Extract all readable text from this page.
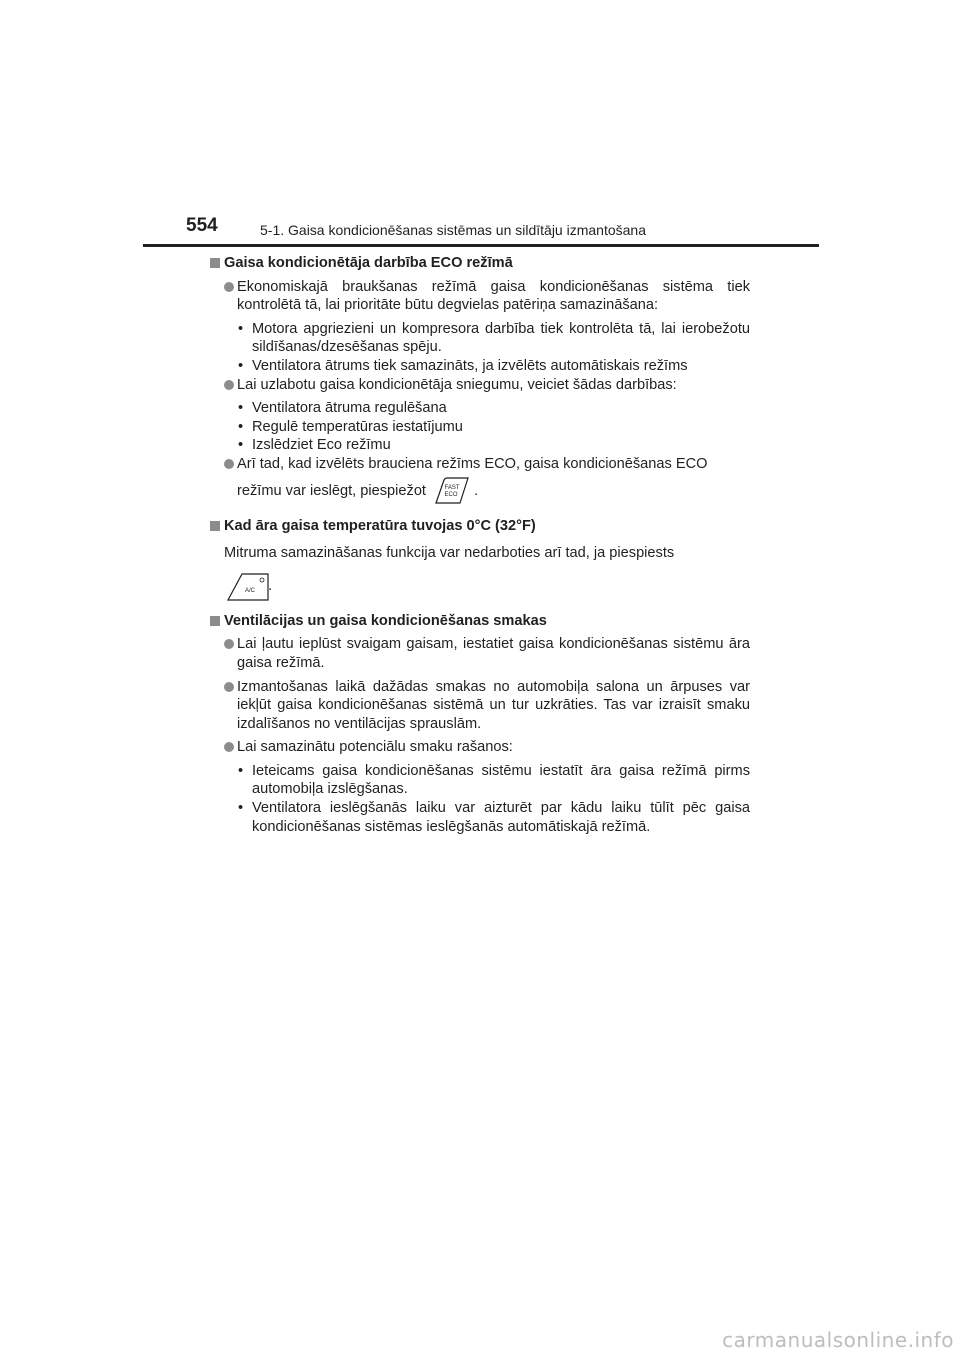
554	5-1. Gaisa kondicionēšanas sistēmas un sildītāju izmantošana

Gaisa kondicionētāja darbība ECO režīmā

Ekonomiskajā braukšanas režīmā gaisa kondicionēšanas sistēma tiek kontrolētā tā, lai prioritāte būtu degvielas patēriņa samazināšana:

• Motora apgriezieni un kompresora darbība tiek kontrolēta tā, lai ierobežotu sildīšanas/dzesēšanas spēju.

• Ventilatora ātrums tiek samazināts, ja izvēlēts automātiskais režīms

Lai uzlabotu gaisa kondicionētāja sniegumu, veiciet šādas darbības:

• Ventilatora ātruma regulēšana

• Regulē temperatūras iestatījumu

• Izslēdziet Eco režīmu

Arī tad, kad izvēlēts brauciena režīms ECO, gaisa kondicionēšanas ECO

režīmu var ieslēgt, piespiežot	FAST
ECO .

Kad āra gaisa temperatūra tuvojas 0°C (32°F)

Mitruma samazināšanas funkcija var nedarboties arī tad, ja piespiests

A/C .

Ventilācijas un gaisa kondicionēšanas smakas

Lai ļautu ieplūst svaigam gaisam, iestatiet gaisa kondicionēšanas sistēmu āra gaisa režīmā.

Izmantošanas laikā dažādas smakas no automobiļa salona un ārpuses var iekļūt gaisa kondicionēšanas sistēmā un tur uzkrāties. Tas var izraisīt smaku izdalīšanos no ventilācijas sprauslām.

Lai samazinātu potenciālu smaku rašanos:

• Ieteicams gaisa kondicionēšanas sistēmu iestatīt āra gaisa režīmā pirms automobiļa izslēgšanas.

• Ventilatora ieslēgšanās laiku var aizturēt par kādu laiku tūlīt pēc gaisa kondicionēšanas sistēmas ieslēgšanās automātiskajā režīmā.

carmanualsonline.info
